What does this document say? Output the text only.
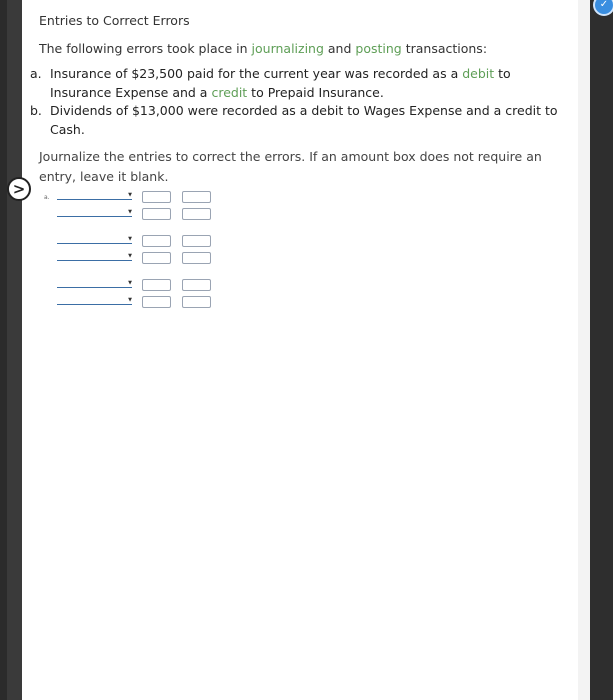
✓
Entries to Correct Errors
The following errors took place in journalizing and posting transactions:
a. Insurance of $23,500 paid for the current year was recorded as a debit to
Insurance Expense and a credit to Prepaid Insurance.
b. Dividends of $13,000 were recorded as a debit to Wages Expense and a credit to
Cash.
Journalize the entries to correct the errors. If an amount box does not require an entry, leave it blank.
>	a.	▼
▼
▼
▼
▼
▼
